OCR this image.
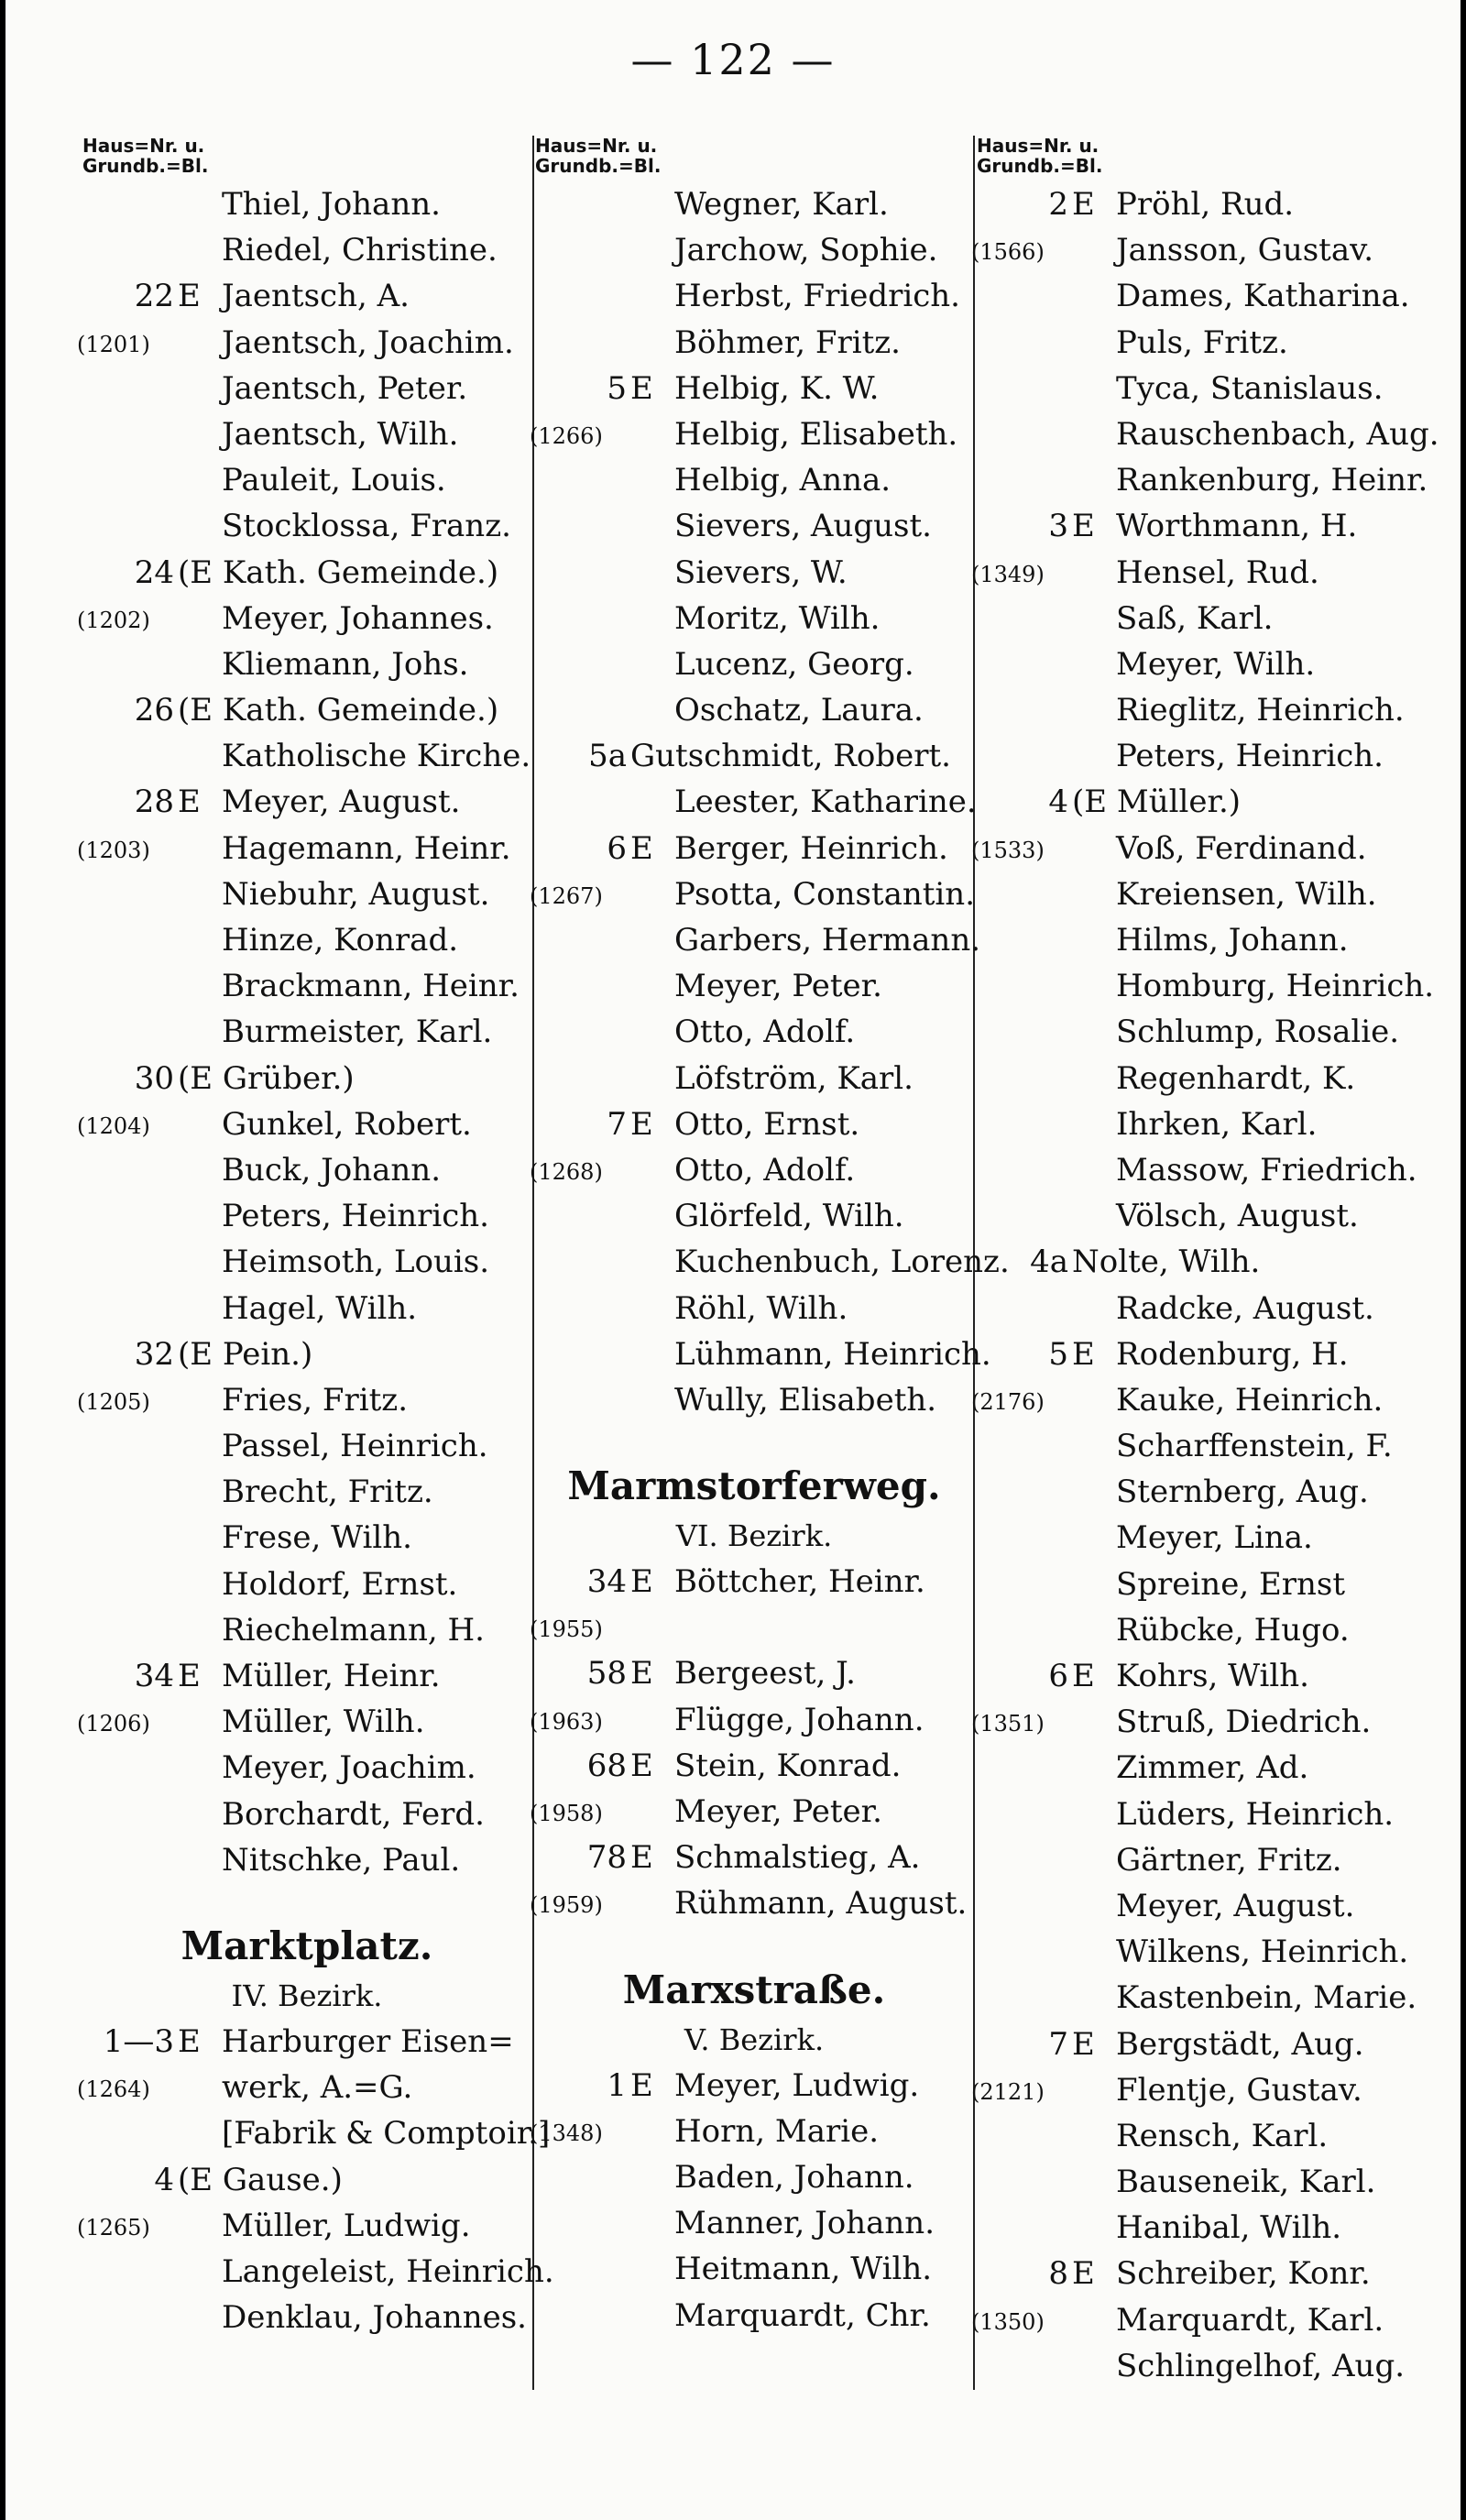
— 122 —
Haus=Nr. u.
Grundb.=Bl.
Thiel, Johann.
Riedel, Christine.
22 E Jaentsch, A.
(1201) Jaentsch, Joachim.
Jaentsch, Peter.
Jaentsch, Wilh.
Pauleit, Louis.
Stocklossa, Franz.
24 (E Kath. Gemeinde.)
(1202) Meyer, Johannes.
Kliemann, Johs.
26 (E Kath. Gemeinde.)
Katholische Kirche.
28 E Meyer, August.
(1203) Hagemann, Heinr.
Niebuhr, August.
Hinze, Konrad.
Brackmann, Heinr.
Burmeister, Karl.
30 (E Grüber.)
(1204) Gunkel, Robert.
Buck, Johann.
Peters, Heinrich.
Heimsoth, Louis.
Hagel, Wilh.
32 (E Pein.)
(1205) Fries, Fritz.
Passel, Heinrich.
Brecht, Fritz.
Frese, Wilh.
Holdorf, Ernst.
Riechelmann, H.
34 E Müller, Heinr.
(1206) Müller, Wilh.
Meyer, Joachim.
Borchardt, Ferd.
Nitschke, Paul.
Marktplatz.
IV. Bezirk.
1—3 E Harburger Eisen=
(1264) werk, A.=G.
[Fabrik & Comptoir.]
4 (E Gause.)
(1265) Müller, Ludwig.
Langeleist, Heinrich.
Denklau, Johannes.
Haus=Nr. u.
Grundb.=Bl.
Wegner, Karl.
Jarchow, Sophie.
Herbst, Friedrich.
Böhmer, Fritz.
5 E Helbig, K. W.
(1266) Helbig, Elisabeth.
Helbig, Anna.
Sievers, August.
Sievers, W.
Moritz, Wilh.
Lucenz, Georg.
Oschatz, Laura.
5a Gutschmidt, Robert.
Leester, Katharine.
6 E Berger, Heinrich.
(1267) Psotta, Constantin.
Garbers, Hermann.
Meyer, Peter.
Otto, Adolf.
Löfström, Karl.
7 E Otto, Ernst.
(1268) Otto, Adolf.
Glörfeld, Wilh.
Kuchenbuch, Lorenz.
Röhl, Wilh.
Lühmann, Heinrich.
Wully, Elisabeth.
Marmstorferweg.
VI. Bezirk.
34 E Böttcher, Heinr.
(1955)
58 E Bergeest, J.
(1963) Flügge, Johann.
68 E Stein, Konrad.
(1958) Meyer, Peter.
78 E Schmalstieg, A.
(1959) Rühmann, August.
Marxstraße.
V. Bezirk.
1 E Meyer, Ludwig.
(1348) Horn, Marie.
Baden, Johann.
Manner, Johann.
Heitmann, Wilh.
Marquardt, Chr.
Haus=Nr. u.
Grundb.=Bl.
2 E Pröhl, Rud.
(1566) Jansson, Gustav.
Dames, Katharina.
Puls, Fritz.
Tyca, Stanislaus.
Rauschenbach, Aug.
Rankenburg, Heinr.
3 E Worthmann, H.
(1349) Hensel, Rud.
Saß, Karl.
Meyer, Wilh.
Rieglitz, Heinrich.
Peters, Heinrich.
4 (E Müller.)
(1533) Voß, Ferdinand.
Kreiensen, Wilh.
Hilms, Johann.
Homburg, Heinrich.
Schlump, Rosalie.
Regenhardt, K.
Ihrken, Karl.
Massow, Friedrich.
Völsch, August.
4a Nolte, Wilh.
Radcke, August.
5 E Rodenburg, H.
(2176) Kauke, Heinrich.
Scharffenstein, F.
Sternberg, Aug.
Meyer, Lina.
Spreine, Ernst
Rübcke, Hugo.
6 E Kohrs, Wilh.
(1351) Struß, Diedrich.
Zimmer, Ad.
Lüders, Heinrich.
Gärtner, Fritz.
Meyer, August.
Wilkens, Heinrich.
Kastenbein, Marie.
7 E Bergstädt, Aug.
(2121) Flentje, Gustav.
Rensch, Karl.
Bauseneik, Karl.
Hanibal, Wilh.
8 E Schreiber, Konr.
(1350) Marquardt, Karl.
Schlingelhof, Aug.
